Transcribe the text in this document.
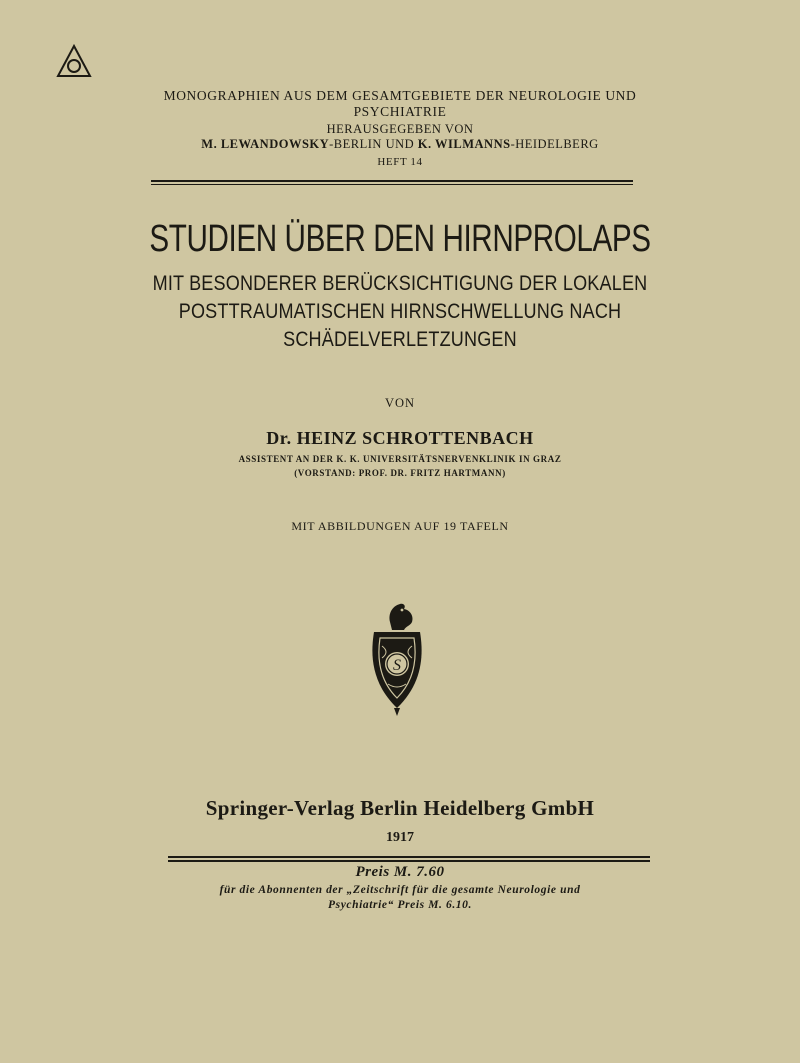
MONOGRAPHIEN AUS DEM GESAMTGEBIETE DER NEUROLOGIE UND
PSYCHIATRIE
HERAUSGEGEBEN VON
M. LEWANDOWSKY-BERLIN UND K. WILMANNS-HEIDELBERG
HEFT 14
STUDIEN ÜBER DEN HIRNPROLAPS
MIT BESONDERER BERÜCKSICHTIGUNG DER LOKALEN
POSTTRAUMATISCHEN HIRNSCHWELLUNG NACH
SCHÄDELVERLETZUNGEN
VON
Dr. HEINZ SCHROTTENBACH
ASSISTENT AN DER K. K. UNIVERSITÄTSNERVENKLINIK IN GRAZ
(VORSTAND: PROF. DR. FRITZ HARTMANN)
MIT ABBILDUNGEN AUF 19 TAFELN
S
Springer-Verlag Berlin Heidelberg GmbH
1917
Preis M. 7.60
für die Abonnenten der „Zeitschrift für die gesamte Neurologie und
Psychiatrie“ Preis M. 6.10.
